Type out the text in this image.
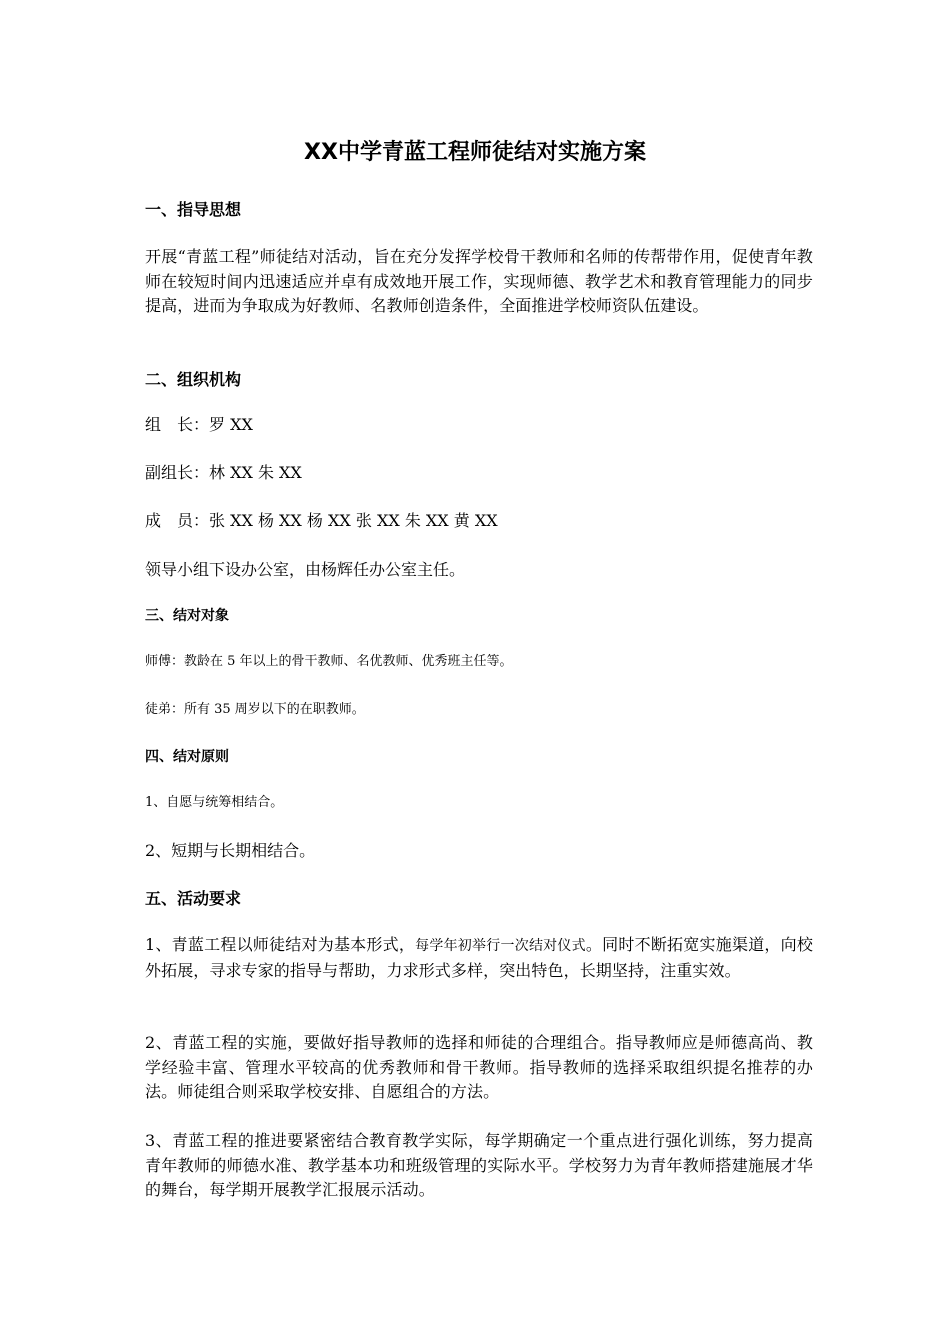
XX中学青蓝工程师徒结对实施方案
一、指导思想
开展“青蓝工程”师徒结对活动，旨在充分发挥学校骨干教师和名师的传帮带作用，促使青年教师在较短时间内迅速适应并卓有成效地开展工作，实现师德、教学艺术和教育管理能力的同步提高，进而为争取成为好教师、名教师创造条件，全面推进学校师资队伍建设。
二、组织机构
组　长：罗 XX
副组长：林 XX 朱 XX
成　员：张 XX 杨 XX 杨 XX 张 XX 朱 XX 黄 XX
领导小组下设办公室，由杨辉任办公室主任。
三、结对对象
师傅：教龄在 5 年以上的骨干教师、名优教师、优秀班主任等。
徒弟：所有 35 周岁以下的在职教师。
四、结对原则
1、自愿与统筹相结合。
2、短期与长期相结合。
五、活动要求
1、青蓝工程以师徒结对为基本形式，每学年初举行一次结对仪式。同时不断拓宽实施渠道，向校外拓展，寻求专家的指导与帮助，力求形式多样，突出特色，长期坚持，注重实效。
2、青蓝工程的实施，要做好指导教师的选择和师徒的合理组合。指导教师应是师德高尚、教学经验丰富、管理水平较高的优秀教师和骨干教师。指导教师的选择采取组织提名推荐的办法。师徒组合则采取学校安排、自愿组合的方法。
3、青蓝工程的推进要紧密结合教育教学实际，每学期确定一个重点进行强化训练，努力提高青年教师的师德水准、教学基本功和班级管理的实际水平。学校努力为青年教师搭建施展才华的舞台，每学期开展教学汇报展示活动。
